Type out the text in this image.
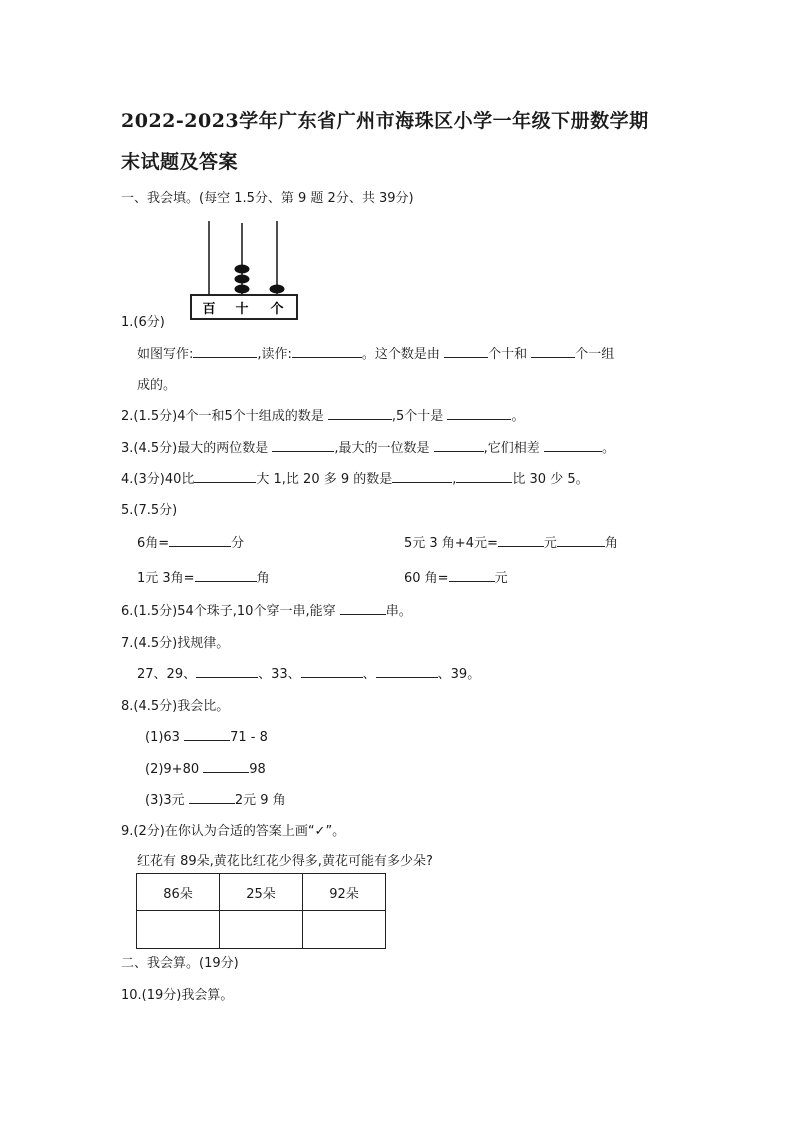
2022-2023学年广东省广州市海珠区小学一年级下册数学期
末试题及答案
一、我会填。(每空 1.5分、第 9 题 2分、共 39分)
百 十 个
1.(6分)
如图写作:	,读作:	。这个数是由	个十和	个一组
成的。
2.(1.5分)4个一和5个十组成的数是	,5个十是	。
3.(4.5分)最大的两位数是	,最大的一位数是	,它们相差	。
4.(3分)40比	大 1,比 20 多 9 的数是	,	比 30 少 5。
5.(7.5分)
6角=	分	5元 3 角+4元=	元	角
1元 3角=	角	60 角=	元
6.(1.5分)54个珠子,10个穿一串,能穿	串。
7.(4.5分)找规律。
27、29、	、33、	、	、39。
8.(4.5分)我会比。
(1)63	71 - 8
(2)9+80	98
(3)3元	2元 9 角
9.(2分)在你认为合适的答案上画“✓”。
红花有 89朵,黄花比红花少得多,黄花可能有多少朵?
86朵	25朵	92朵

二、我会算。(19分)
10.(19分)我会算。
